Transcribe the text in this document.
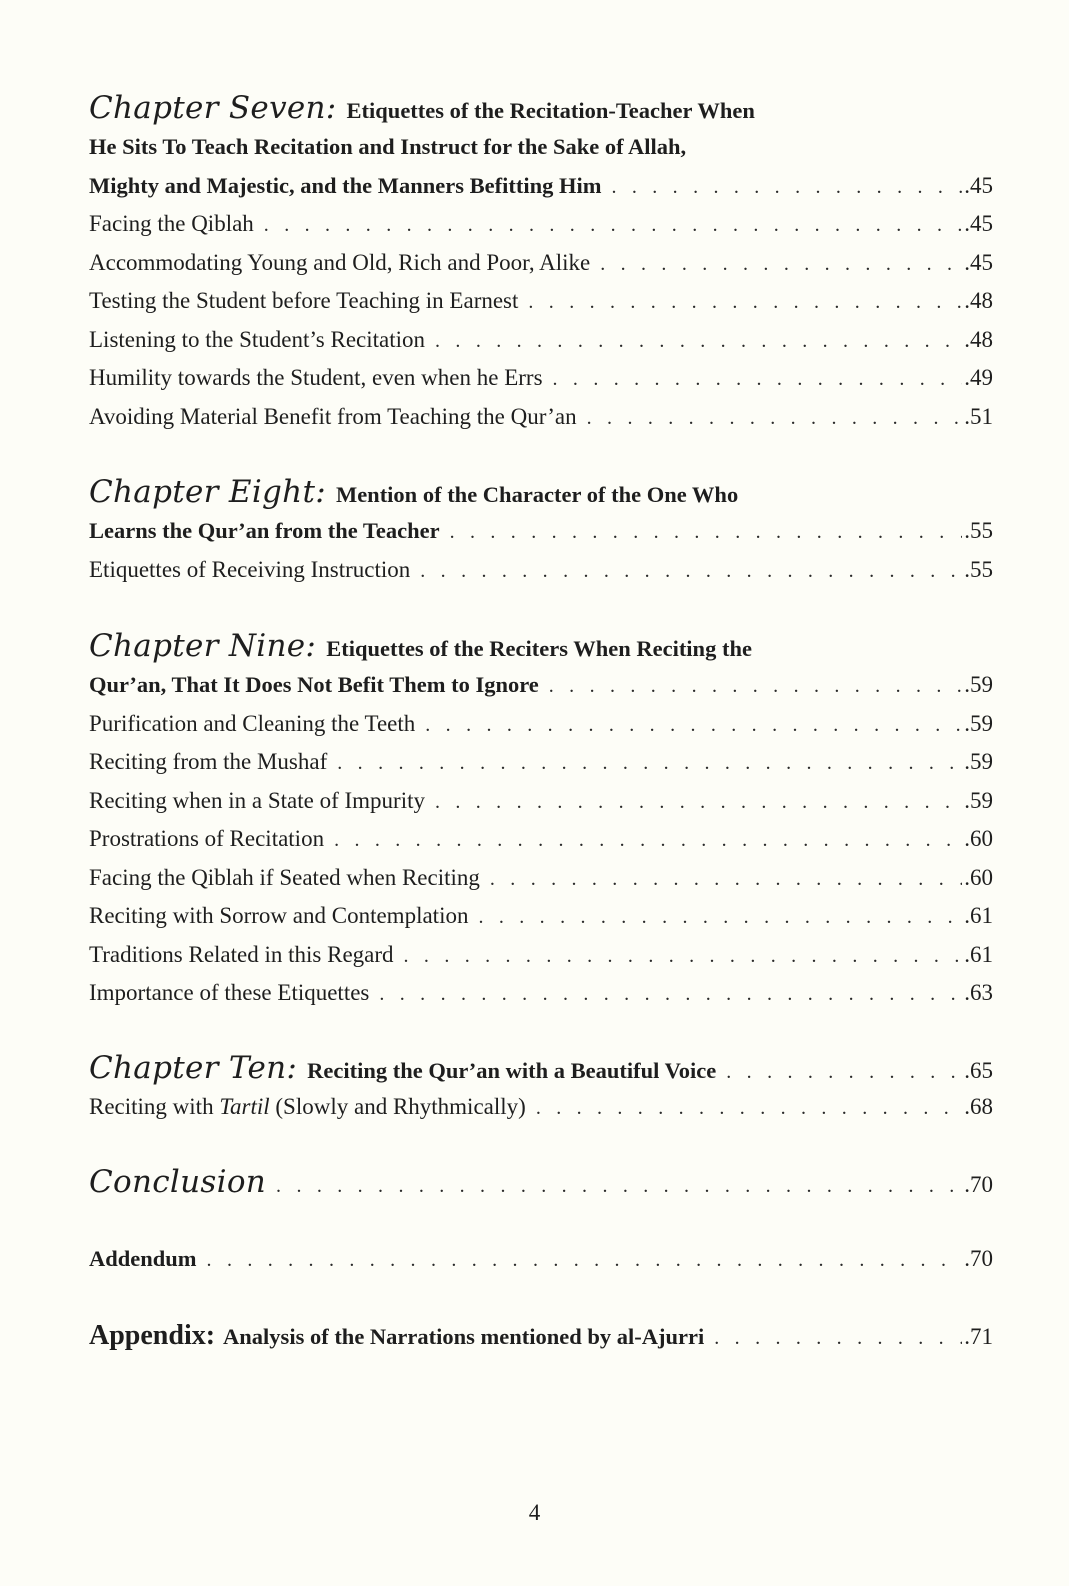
Chapter Seven: Etiquettes of the Recitation-Teacher When
He Sits To Teach Recitation and Instruct for the Sake of Allah,
Mighty and Majestic, and the Manners Befitting Him . . .	.45
Facing the Qiblah . . .	.45
Accommodating Young and Old, Rich and Poor, Alike . . .	.45
Testing the Student before Teaching in Earnest . . .	.48
Listening to the Student’s Recitation . . .	.48
Humility towards the Student, even when he Errs . . .	.49
Avoiding Material Benefit from Teaching the Qur’an . . .	.51
Chapter Eight: Mention of the Character of the One Who
Learns the Qur’an from the Teacher . . .	.55
Etiquettes of Receiving Instruction . . .	.55
Chapter Nine: Etiquettes of the Reciters When Reciting the
Qur’an, That It Does Not Befit Them to Ignore . . .	.59
Purification and Cleaning the Teeth . . .	.59
Reciting from the Mushaf . . .	.59
Reciting when in a State of Impurity . . .	.59
Prostrations of Recitation . . .	.60
Facing the Qiblah if Seated when Reciting . . .	.60
Reciting with Sorrow and Contemplation . . .	.61
Traditions Related in this Regard . . .	.61
Importance of these Etiquettes . . .	.63
Chapter Ten: Reciting the Qur’an with a Beautiful Voice . . .	.65
Reciting with Tartil (Slowly and Rhythmically) . . .	.68
Conclusion . . .	.70
Addendum . . .	.70
Appendix: Analysis of the Narrations mentioned by al-Ajurri . . .	.71
4
